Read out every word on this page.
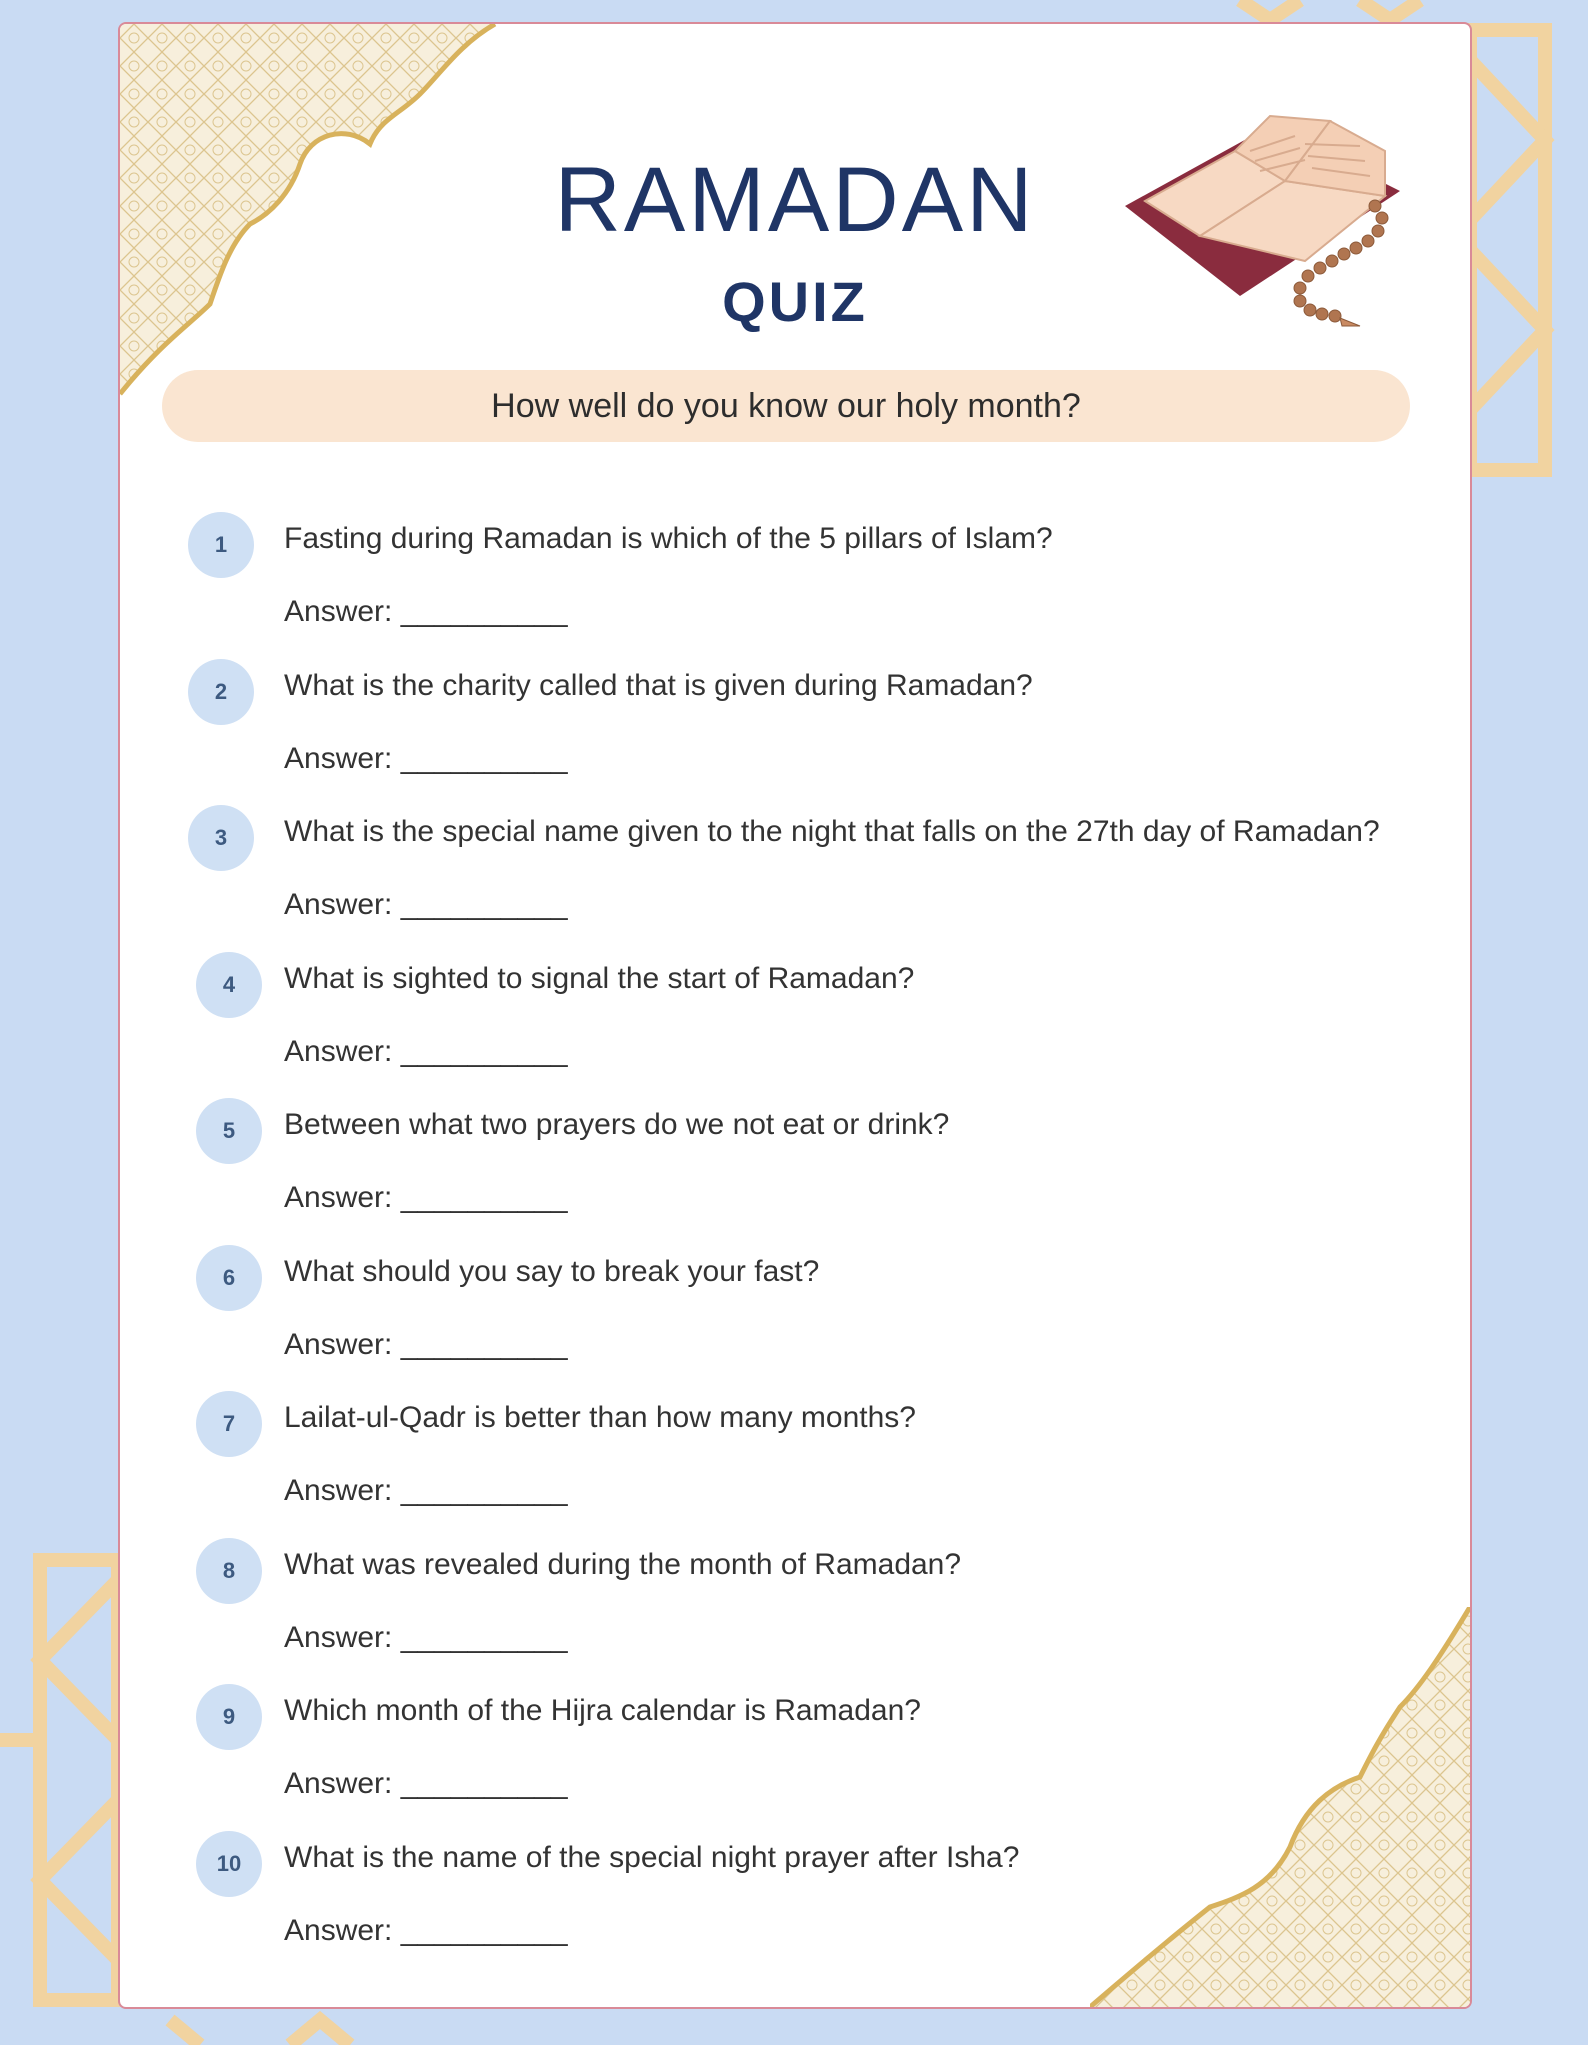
RAMADAN
QUIZ
How well do you know our holy month?
1	Fasting during Ramadan is which of the 5 pillars of Islam?
Answer: __________
2	What is the charity called that is given during Ramadan?
Answer: __________
3	What is the special name given to the night that falls on the 27th day of Ramadan?
Answer: __________
4	What is sighted to signal the start of Ramadan?
Answer: __________
5	Between what two prayers do we not eat or drink?
Answer: __________
6	What should you say to break your fast?
Answer: __________
7	Lailat-ul-Qadr is better than how many months?
Answer: __________
8	What was revealed during the month of Ramadan?
Answer: __________
9	Which month of the Hijra calendar is Ramadan?
Answer: __________
10	What is the name of the special night prayer after Isha?
Answer: __________
